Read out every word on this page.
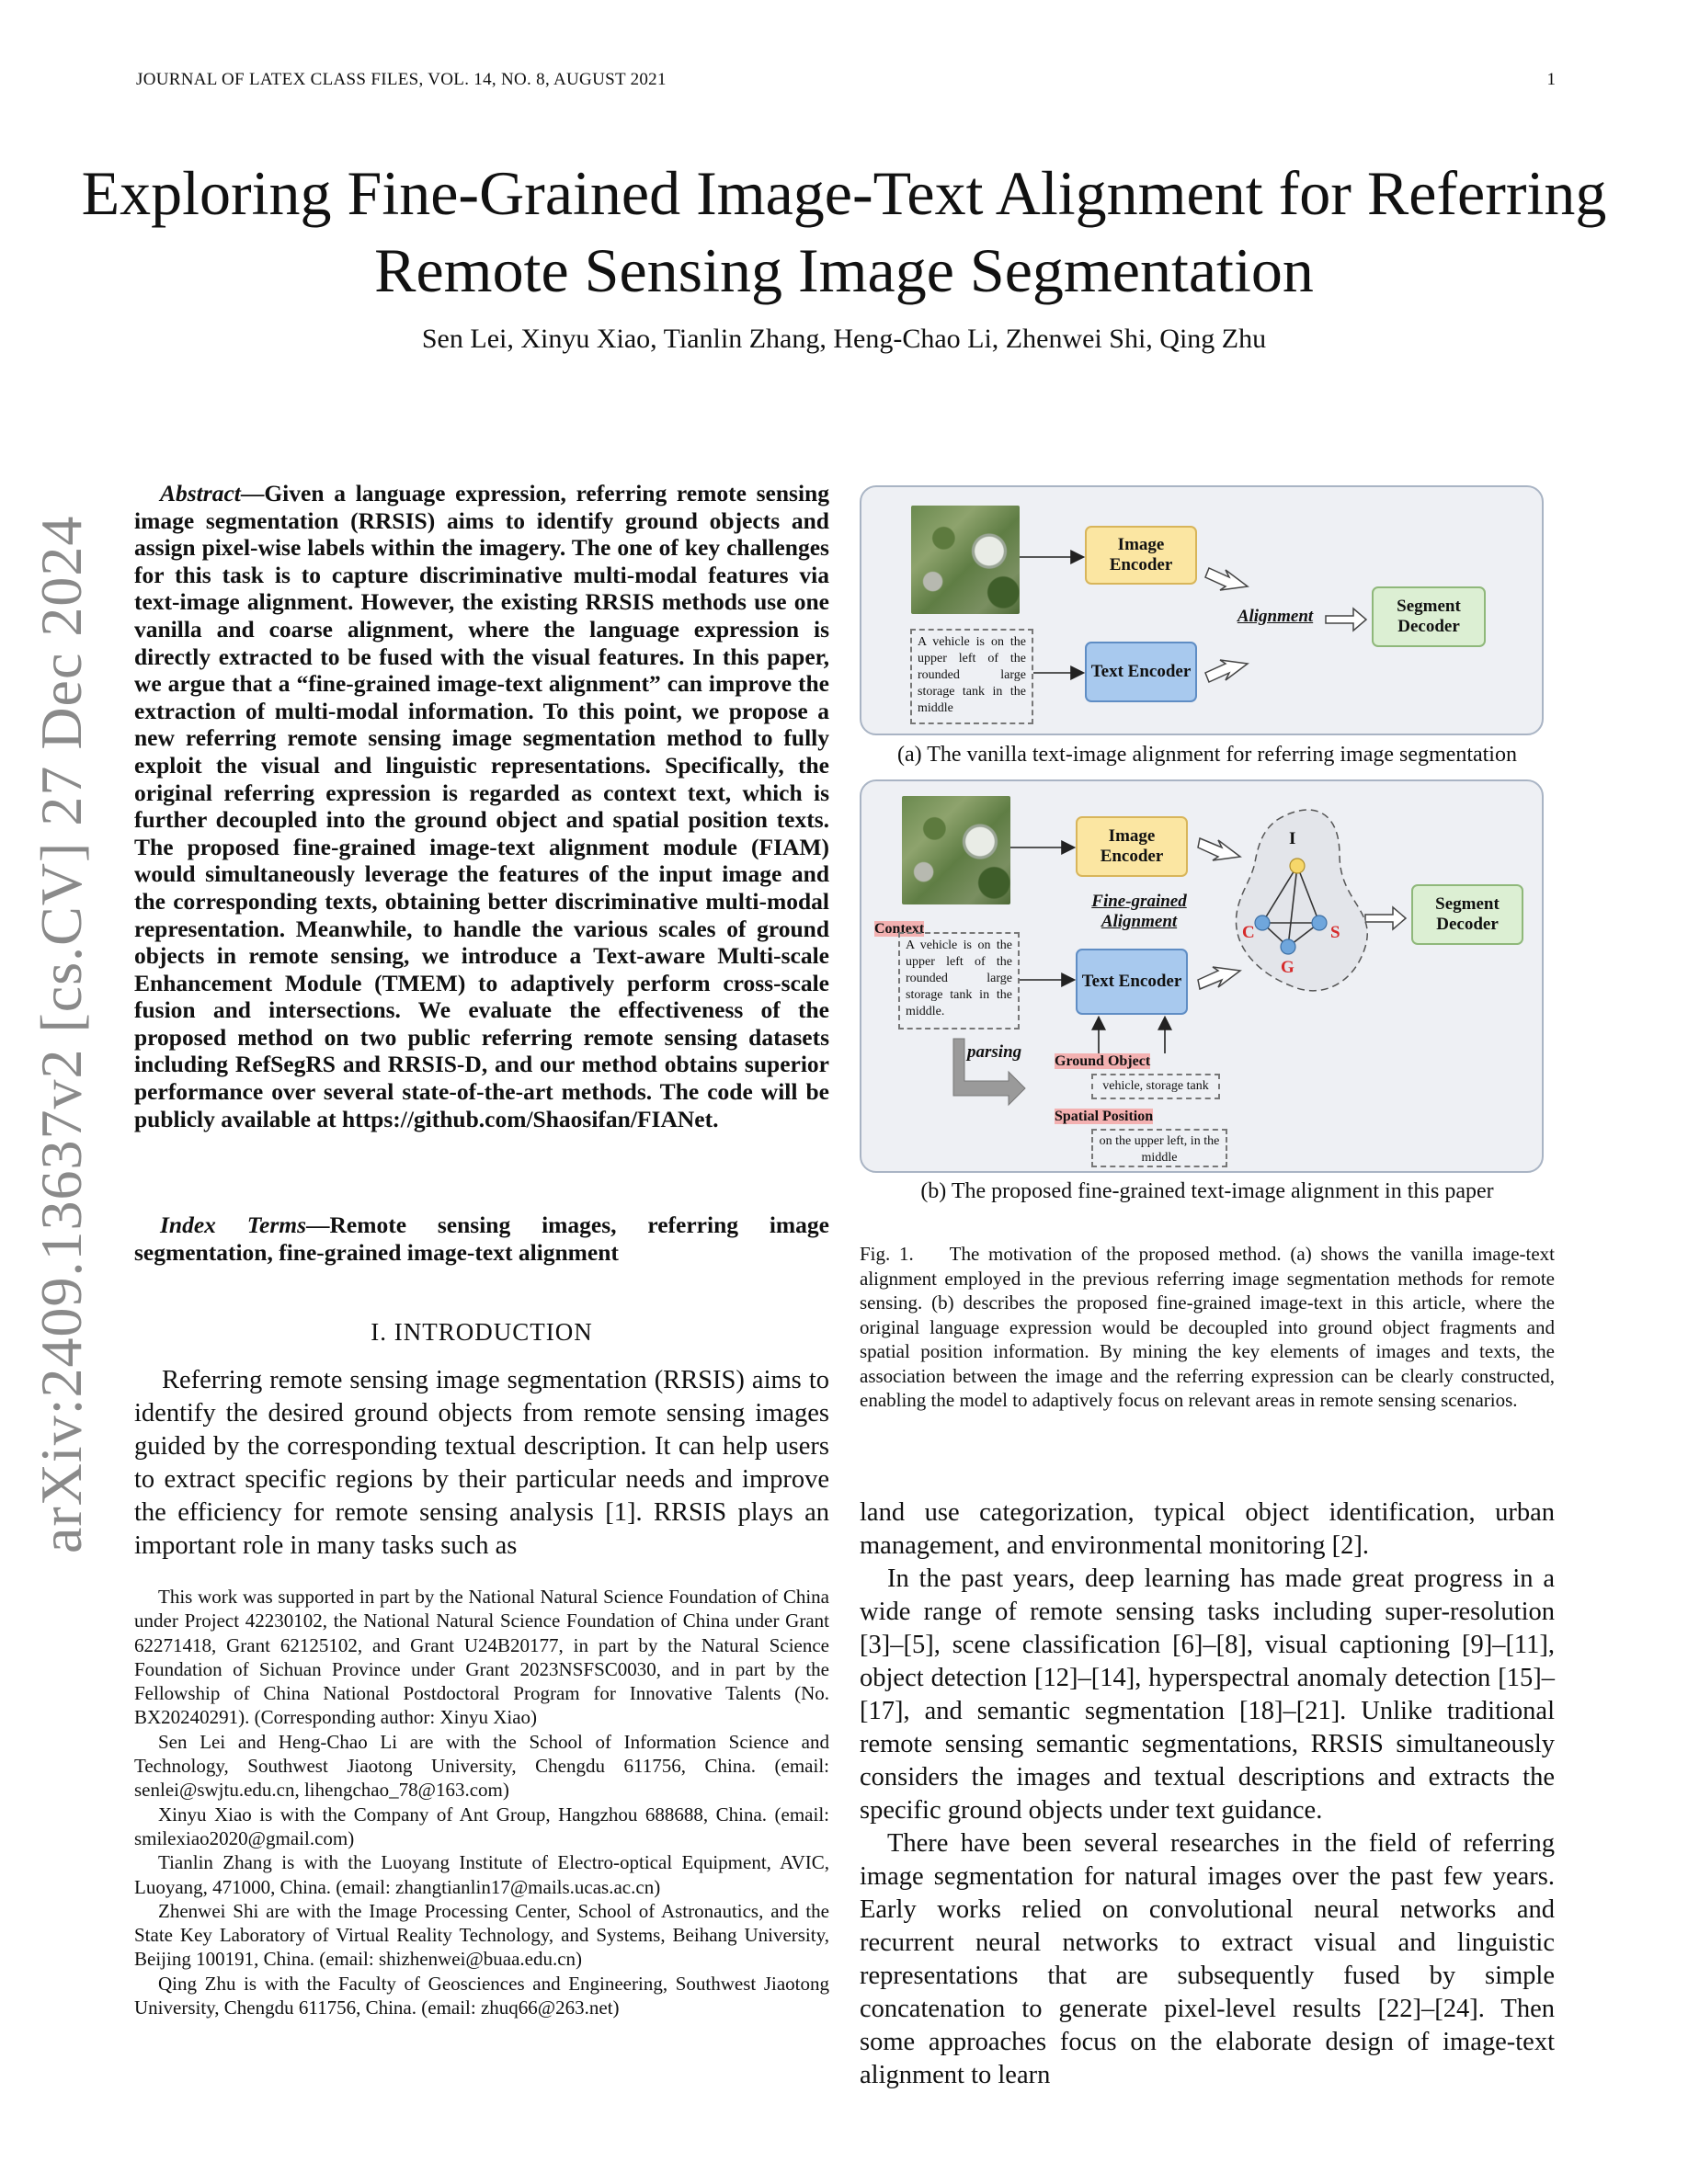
JOURNAL OF LATEX CLASS FILES, VOL. 14, NO. 8, AUGUST 2021	1
arXiv:2409.13637v2 [cs.CV] 27 Dec 2024
Exploring Fine-Grained Image-Text Alignment for Referring Remote Sensing Image Segmentation
Sen Lei, Xinyu Xiao, Tianlin Zhang, Heng-Chao Li, Zhenwei Shi, Qing Zhu
Abstract—Given a language expression, referring remote sensing image segmentation (RRSIS) aims to identify ground objects and assign pixel-wise labels within the imagery. The one of key challenges for this task is to capture discriminative multi-modal features via text-image alignment. However, the existing RRSIS methods use one vanilla and coarse alignment, where the language expression is directly extracted to be fused with the visual features. In this paper, we argue that a “fine-grained image-text alignment” can improve the extraction of multi-modal information. To this point, we propose a new referring remote sensing image segmentation method to fully exploit the visual and linguistic representations. Specifically, the original referring expression is regarded as context text, which is further decoupled into the ground object and spatial position texts. The proposed fine-grained image-text alignment module (FIAM) would simultaneously leverage the features of the input image and the corresponding texts, obtaining better discriminative multi-modal representation. Meanwhile, to handle the various scales of ground objects in remote sensing, we introduce a Text-aware Multi-scale Enhancement Module (TMEM) to adaptively perform cross-scale fusion and intersections. We evaluate the effectiveness of the proposed method on two public referring remote sensing datasets including RefSegRS and RRSIS-D, and our method obtains superior performance over several state-of-the-art methods. The code will be publicly available at https://github.com/Shaosifan/FIANet.
Index Terms—Remote sensing images, referring image segmentation, fine-grained image-text alignment
I. INTRODUCTION
Referring remote sensing image segmentation (RRSIS) aims to identify the desired ground objects from remote sensing images guided by the corresponding textual description. It can help users to extract specific regions by their particular needs and improve the efficiency for remote sensing analysis [1]. RRSIS plays an important role in many tasks such as

This work was supported in part by the National Natural Science Foundation of China under Project 42230102, the National Natural Science Foundation of China under Grant 62271418, Grant 62125102, and Grant U24B20177, in part by the Natural Science Foundation of Sichuan Province under Grant 2023NSFSC0030, and in part by the Fellowship of China National Postdoctoral Program for Innovative Talents (No. BX20240291). (Corresponding author: Xinyu Xiao)

Sen Lei and Heng-Chao Li are with the School of Information Science and Technology, Southwest Jiaotong University, Chengdu 611756, China. (email: senlei@swjtu.edu.cn, lihengchao_78@163.com)

Xinyu Xiao is with the Company of Ant Group, Hangzhou 688688, China. (email: smilexiao2020@gmail.com)

Tianlin Zhang is with the Luoyang Institute of Electro-optical Equipment, AVIC, Luoyang, 471000, China. (email: zhangtianlin17@mails.ucas.ac.cn)

Zhenwei Shi are with the Image Processing Center, School of Astronautics, and the State Key Laboratory of Virtual Reality Technology, and Systems, Beihang University, Beijing 100191, China. (email: shizhenwei@buaa.edu.cn)

Qing Zhu is with the Faculty of Geosciences and Engineering, Southwest Jiaotong University, Chengdu 611756, China. (email: zhuq66@263.net)

A vehicle is on the upper left of the rounded large storage tank in the middle
Image Encoder
Text Encoder
Alignment
Segment Decoder
(a) The vanilla text-image alignment for referring image segmentation
Context
A vehicle is on the upper left of the rounded large storage tank in the middle.
Image Encoder
Text Encoder
Fine-grained Alignment
Segment Decoder
parsing Ground Object
vehicle, storage tank
Spatial Position
on the upper left, in the middle
I
C	S
G
(b) The proposed fine-grained text-image alignment in this paper
Fig. 1.    The motivation of the proposed method. (a) shows the vanilla image-text alignment employed in the previous referring image segmentation methods for remote sensing. (b) describes the proposed fine-grained image-text in this article, where the original language expression would be decoupled into ground object fragments and spatial position information. By mining the key elements of images and texts, the association between the image and the referring expression can be clearly constructed, enabling the model to adaptively focus on relevant areas in remote sensing scenarios.

land use categorization, typical object identification, urban management, and environmental monitoring [2].

In the past years, deep learning has made great progress in a wide range of remote sensing tasks including super-resolution [3]–[5], scene classification [6]–[8], visual captioning [9]–[11], object detection [12]–[14], hyperspectral anomaly detection [15]–[17], and semantic segmentation [18]–[21]. Unlike traditional remote sensing semantic segmentations, RRSIS simultaneously considers the images and textual descriptions and extracts the specific ground objects under text guidance.

There have been several researches in the field of referring image segmentation for natural images over the past few years. Early works relied on convolutional neural networks and recurrent neural networks to extract visual and linguistic representations that are subsequently fused by simple concatenation to generate pixel-level results [22]–[24]. Then some approaches focus on the elaborate design of image-text alignment to learn
